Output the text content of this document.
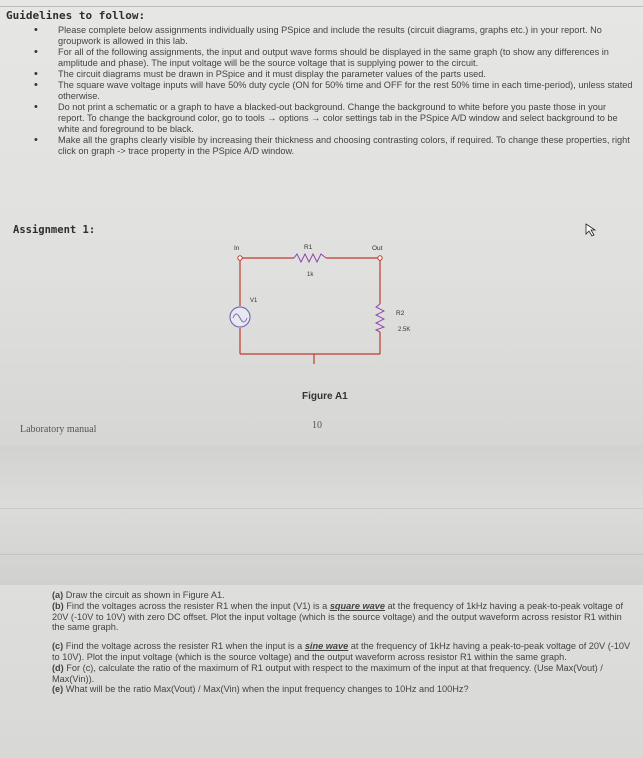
Guidelines to follow:
• Please complete below assignments individually using PSpice and include the results (circuit diagrams, graphs etc.) in your report. No groupwork is allowed in this lab.
• For all of the following assignments, the input and output wave forms should be displayed in the same graph (to show any differences in amplitude and phase). The input voltage will be the source voltage that is supplying power to the circuit.
• The circuit diagrams must be drawn in PSpice and it must display the parameter values of the parts used.
• The square wave voltage inputs will have 50% duty cycle (ON for 50% time and OFF for the rest 50% time in each time-period), unless stated otherwise.
• Do not print a schematic or a graph to have a blacked-out background. Change the background to white before you paste those in your report. To change the background color, go to tools → options → color settings tab in the PSpice A/D window and select background to be white and foreground to be black.
• Make all the graphs clearly visible by increasing their thickness and choosing contrasting colors, if required. To change these properties, right click on graph -> trace property in the PSpice A/D window.
Assignment 1:
In	Out
R1
1k
R2
2.5K
V1
Figure A1
10
Laboratory manual

(a) Draw the circuit as shown in Figure A1.

(b) Find the voltages across the resister R1 when the input (V1) is a square wave at the frequency of 1kHz having a peak-to-peak voltage of 20V (-10V to 10V) with zero DC offset. Plot the input voltage (which is the source voltage) and the output waveform across resistor R1 within the same graph.

(c) Find the voltage across the resister R1 when the input is a sine wave at the frequency of 1kHz having a peak-to-peak voltage of 20V (-10V to 10V). Plot the input voltage (which is the source voltage) and the output waveform across resistor R1 within the same graph.

(d) For (c), calculate the ratio of the maximum of R1 output with respect to the maximum of the input at that frequency. (Use Max(Vout) / Max(Vin)).

(e) What will be the ratio Max(Vout) / Max(Vin) when the input frequency changes to 10Hz and 100Hz?
